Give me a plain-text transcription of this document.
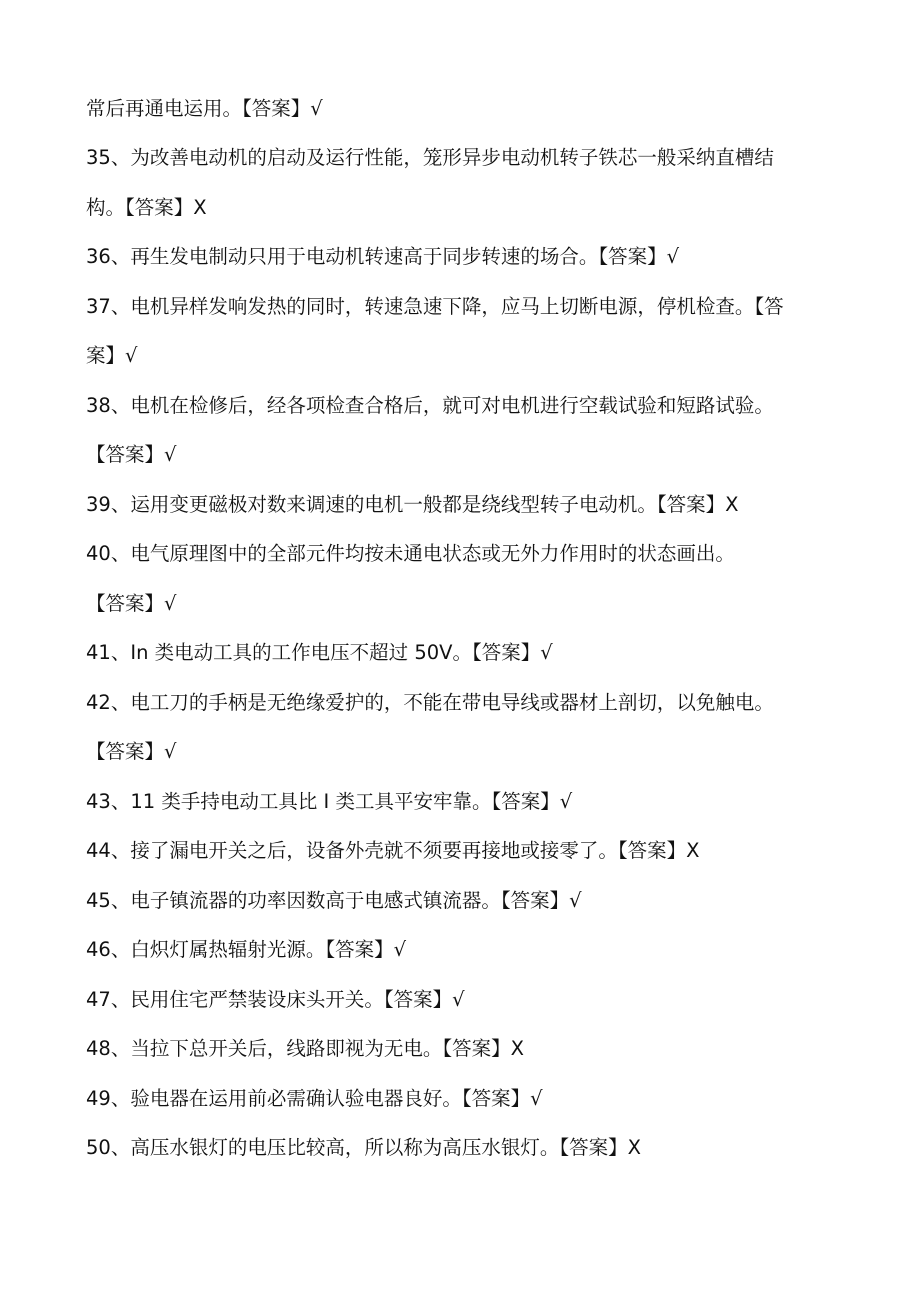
常后再通电运用。【答案】√
35、为改善电动机的启动及运行性能，笼形异步电动机转子铁芯一般采纳直槽结
构。【答案】X
36、再生发电制动只用于电动机转速高于同步转速的场合。【答案】√
37、电机异样发响发热的同时，转速急速下降，应马上切断电源，停机检查。【答
案】√
38、电机在检修后，经各项检查合格后，就可对电机进行空载试验和短路试验。
【答案】√
39、运用变更磁极对数来调速的电机一般都是绕线型转子电动机。【答案】X
40、电气原理图中的全部元件均按未通电状态或无外力作用时的状态画出。
【答案】√
41、In 类电动工具的工作电压不超过 50V。【答案】√
42、电工刀的手柄是无绝缘爱护的，不能在带电导线或器材上剖切，以免触电。
【答案】√
43、11 类手持电动工具比 I 类工具平安牢靠。【答案】√
44、接了漏电开关之后，设备外壳就不须要再接地或接零了。【答案】X
45、电子镇流器的功率因数高于电感式镇流器。【答案】√
46、白炽灯属热辐射光源。【答案】√
47、民用住宅严禁装设床头开关。【答案】√
48、当拉下总开关后，线路即视为无电。【答案】X
49、验电器在运用前必需确认验电器良好。【答案】√
50、高压水银灯的电压比较高，所以称为高压水银灯。【答案】X
